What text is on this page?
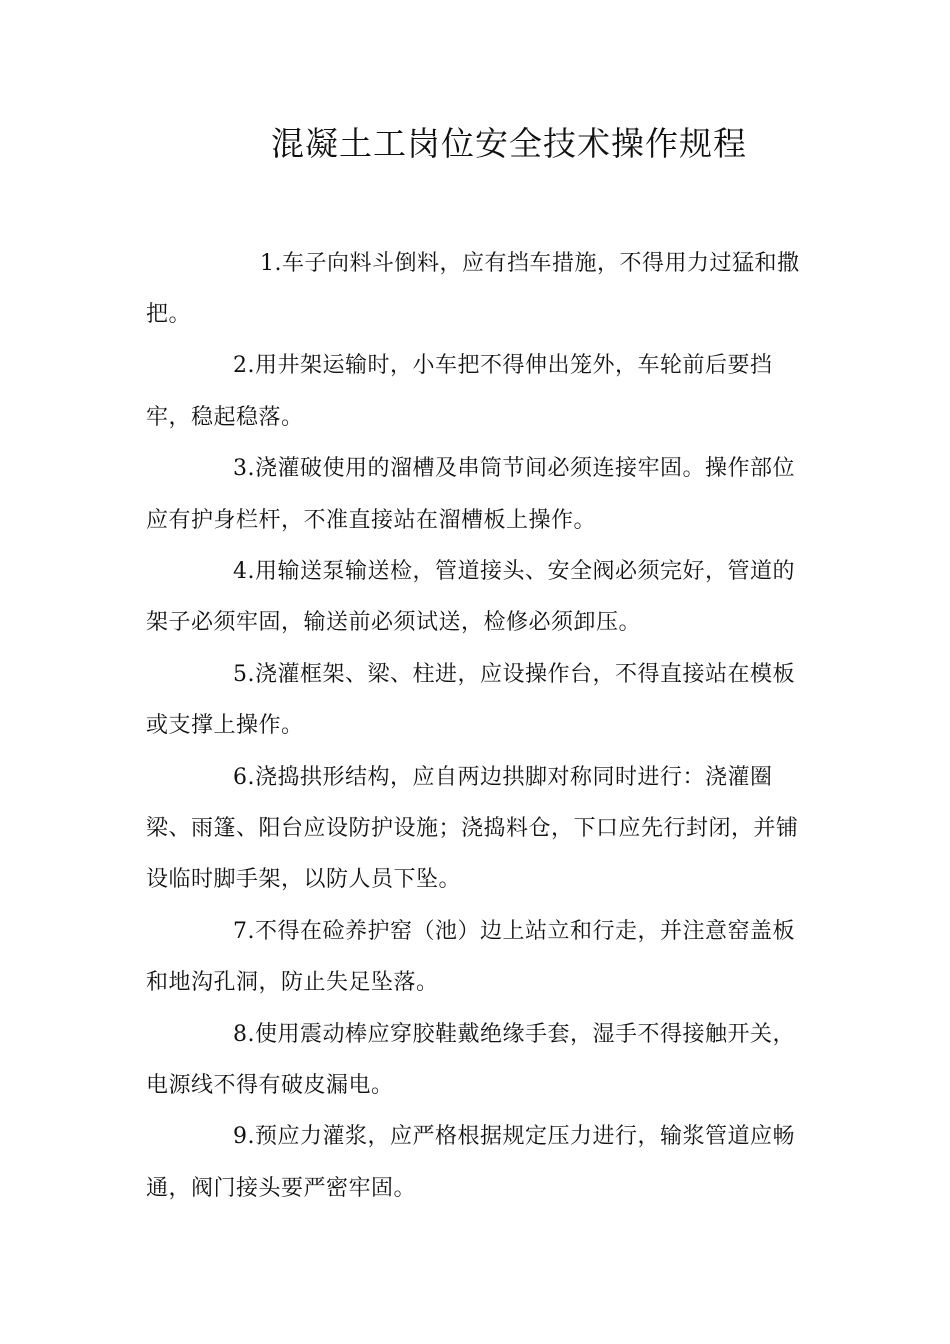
混凝土工岗位安全技术操作规程
1.车子向料斗倒料，应有挡车措施，不得用力过猛和撒
把。
2.用井架运输时，小车把不得伸出笼外，车轮前后要挡
牢，稳起稳落。
3.浇灌破使用的溜槽及串筒节间必须连接牢固。操作部位
应有护身栏杆，不准直接站在溜槽板上操作。
4.用输送泵输送检，管道接头、安全阀必须完好，管道的
架子必须牢固，输送前必须试送，检修必须卸压。
5.浇灌框架、梁、柱进，应设操作台，不得直接站在模板
或支撑上操作。
6.浇捣拱形结构，应自两边拱脚对称同时进行：浇灌圈
梁、雨篷、阳台应设防护设施；浇捣料仓，下口应先行封闭，并铺
设临时脚手架，以防人员下坠。
7.不得在硷养护窑（池）边上站立和行走，并注意窑盖板
和地沟孔洞，防止失足坠落。
8.使用震动棒应穿胶鞋戴绝缘手套，湿手不得接触开关，
电源线不得有破皮漏电。
9.预应力灌浆，应严格根据规定压力进行，输浆管道应畅
通，阀门接头要严密牢固。
